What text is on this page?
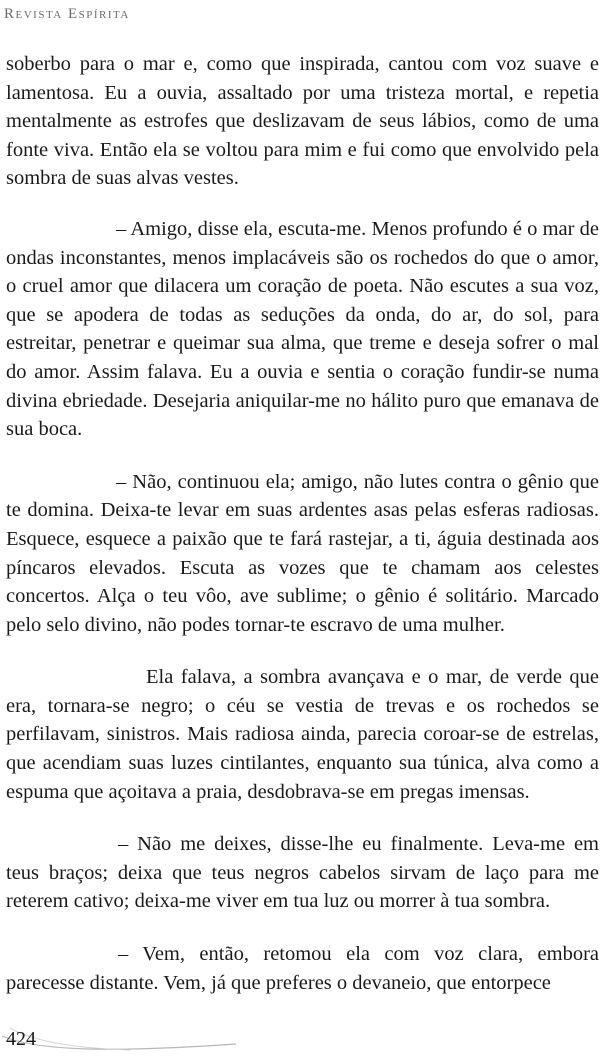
Revista Espírita

soberbo para o mar e, como que inspirada, cantou com voz suave e lamentosa. Eu a ouvia, assaltado por uma tristeza mortal, e repetia mentalmente as estrofes que deslizavam de seus lábios, como de uma fonte viva. Então ela se voltou para mim e fui como que envolvido pela sombra de suas alvas vestes.

– Amigo, disse ela, escuta-me. Menos profundo é o mar de ondas inconstantes, menos implacáveis são os rochedos do que o amor, o cruel amor que dilacera um coração de poeta. Não escutes a sua voz, que se apodera de todas as seduções da onda, do ar, do sol, para estreitar, penetrar e queimar sua alma, que treme e deseja sofrer o mal do amor. Assim falava. Eu a ouvia e sentia o coração fundir-se numa divina ebriedade. Desejaria aniquilar-me no hálito puro que emanava de sua boca.

– Não, continuou ela; amigo, não lutes contra o gênio que te domina. Deixa-te levar em suas ardentes asas pelas esferas radiosas. Esquece, esquece a paixão que te fará rastejar, a ti, águia destinada aos píncaros elevados. Escuta as vozes que te chamam aos celestes concertos. Alça o teu vôo, ave sublime; o gênio é solitário. Marcado pelo selo divino, não podes tornar-te escravo de uma mulher.

Ela falava, a sombra avançava e o mar, de verde que era, tornara-se negro; o céu se vestia de trevas e os rochedos se perfilavam, sinistros. Mais radiosa ainda, parecia coroar-se de estrelas, que acendiam suas luzes cintilantes, enquanto sua túnica, alva como a espuma que açoitava a praia, desdobrava-se em pregas imensas.

– Não me deixes, disse-lhe eu finalmente. Leva-me em teus braços; deixa que teus negros cabelos sirvam de laço para me reterem cativo; deixa-me viver em tua luz ou morrer à tua sombra.

– Vem, então, retomou ela com voz clara, embora parecesse distante. Vem, já que preferes o devaneio, que entorpece

424
